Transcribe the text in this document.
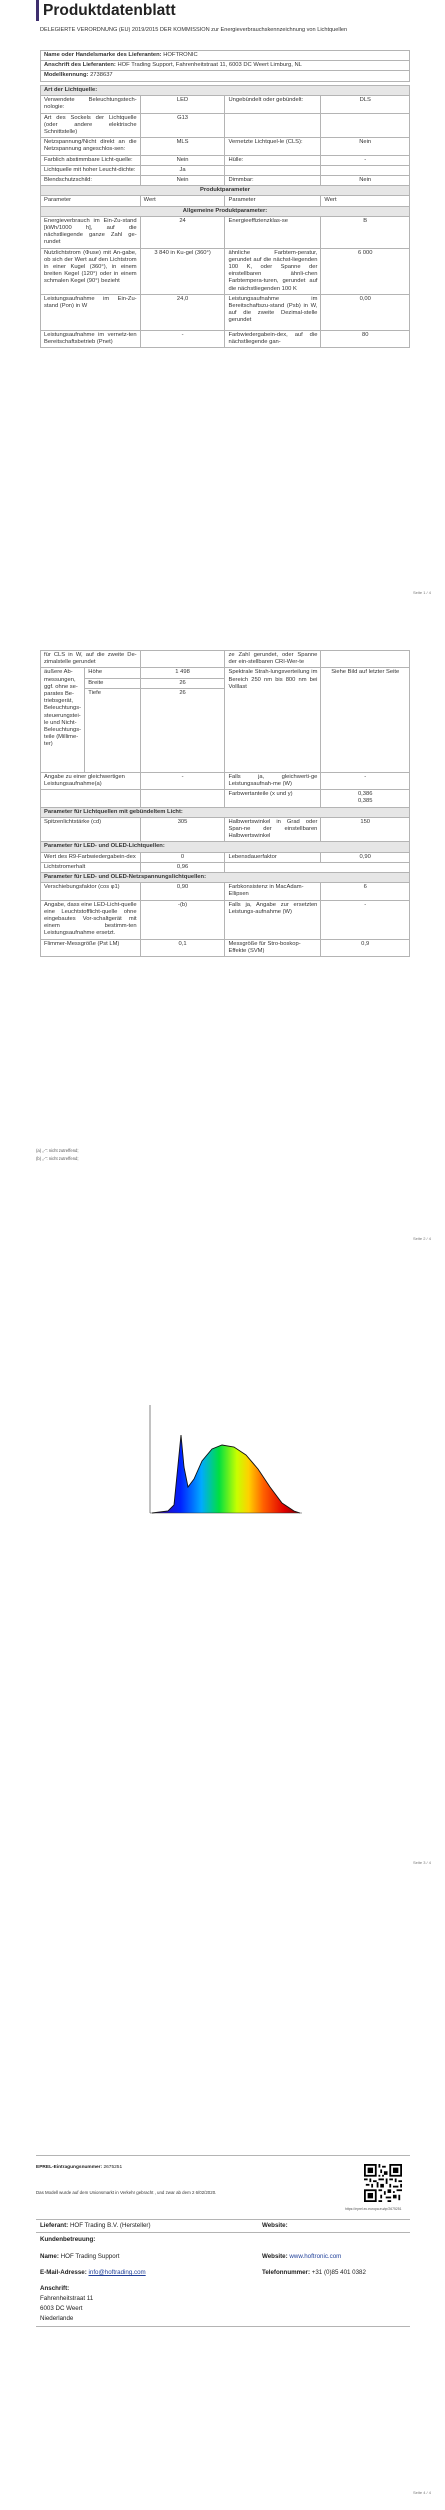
Produktdatenblatt
DELEGIERTE VERORDNUNG (EU) 2019/2015 DER KOMMISSION zur Energieverbrauchskennzeichnung von Lichtquellen
Name oder Handelsmarke des Lieferanten: HOFTRONIC
Anschrift des Lieferanten: HOF Trading Support, Fahrenheitstraat 11, 6003 DC Weert Limburg, NL
Modellkennung: 2738637
Art der Lichtquelle:			
Verwendete Beleuchtungstech-nologie:	LED	Ungebündelt oder gebündelt:	DLS
Art des Sockels der Lichtquelle (oder andere elektrische Schnittstelle)	G13		
Netzspannung/Nicht direkt an die Netzspannung angeschlos-sen:	MLS	Vernetzte Lichtquel-le (CLS):	Nein
Farblich abstimmbare Licht-quelle:	Nein	Hülle:	-
Lichtquelle mit hoher Leucht-dichte:	Ja		
Blendschutzschild:	Nein	Dimmbar:	Nein
Produktparameter			
Parameter	Wert	Parameter	Wert
Allgemeine Produktparameter:			
Energieverbrauch im Ein-Zu-stand [kWh/1000 h], auf die nächstliegende ganze Zahl ge-rundet	24	Energieeffizienzklas-se	B
Nutzlichtstrom (Φuse) mit An-gabe, ob sich der Wert auf den Lichtstrom in einer Kugel (360°), in einem breiten Kegel (120°) oder in einem schmalen Kegel (90°) bezieht	3 840 in Ku-gel (360°)	ähnliche Farbtem-peratur, gerundet auf die nächst-liegenden 100 K, oder Spanne der einstellbaren ähnli-chen Farbtempera-turen, gerundet auf die nächstliegenden 100 K	6 000
Leistungsaufnahme im Ein-Zu-stand (Pon) in W	24,0	Leistungsaufnahme im Bereitschaftszu-stand (Psb) in W, auf die zweite Dezimal-stelle gerundet	0,00
Leistungsaufnahme im vernetz-ten Bereitschaftsbetrieb (Pnet)	-	Farbwiedergabein-dex, auf die nächstliegende gan-	80
Seite 1 / 4
für CLS in W, auf die zweite De-zimalstelle gerundet			ze Zahl gerundet, oder Spanne der ein-stellbaren CRI-Wer-te	
äußere Ab-messungen, ggf. ohne se-parates Be-triebsgerät, Beleuchtungs-steuerungstei-le und Nicht-Beleuchtungs-teile (Millime-ter)	Höhe	1 498	Spektrale Strah-lungsverteilung im Bereich 250 nm bis 800 nm bei Volllast	Siehe Bild auf letzter Seite
	Breite	26		
	Tiefe	26		
Angabe zu einer gleichwertigen Leistungsaufnahme(a)		-	Falls ja, gleichwerti-ge Leistungsaufnah-me (W)	-
			Farbwertanteile (x und y)	0,386
0,385
Parameter für Lichtquellen mit gebündeltem Licht:				
Spitzenlichtstärke (cd)		305	Halbwertswinkel in Grad oder Span-ne der einstellbaren Halbwertswinkel	150
Parameter für LED- und OLED-Lichtquellen:				
Wert des R9-Farbwiedergabein-dex		0	Lebensdauerfaktor	0,90
Lichtstromerhalt		0,96		
Parameter für LED- und OLED-Netzspannungslichtquellen:				
Verschiebungsfaktor (cos φ1)		0,90	Farbkonsistenz in MacAdam-Ellipsen	6
Angabe, dass eine LED-Licht-quelle eine Leuchtstofflicht-quelle ohne eingebautes Vor-schaltgerät mit einem bestimm-ten Leistungsaufnahme ersetzt.		-(b)	Falls ja, Angabe zur ersetzten Leistungs-aufnahme (W)	-
Flimmer-Messgröße (Pst LM)		0,1	Messgröße für Stro-boskop-Effekte (SVM)	0,9
(a) „-“: nicht zutreffend;
(b) „-“: nicht zutreffend;
Seite 2 / 4
Seite 3 / 4
EPREL-Eintragungsnummer: 2675251
Das Modell wurde auf dem Unionsmarkt in Verkehr gebracht , und zwar ab dem 2 6/02/2020.
https://eprel.ec.europa.eu/qr/2675251
Lieferant: HOF Trading B.V. (Hersteller)	Website:
Kundenbetreuung:
Name: HOF Trading Support	Website: www.hoftronic.com
E-Mail-Adresse: info@hoftrading.com	Telefonnummer: +31 (0)85 401 0382
Anschrift:
Fahrenheitstraat 11
6003 DC Weert
Niederlande
Seite 4 / 4
